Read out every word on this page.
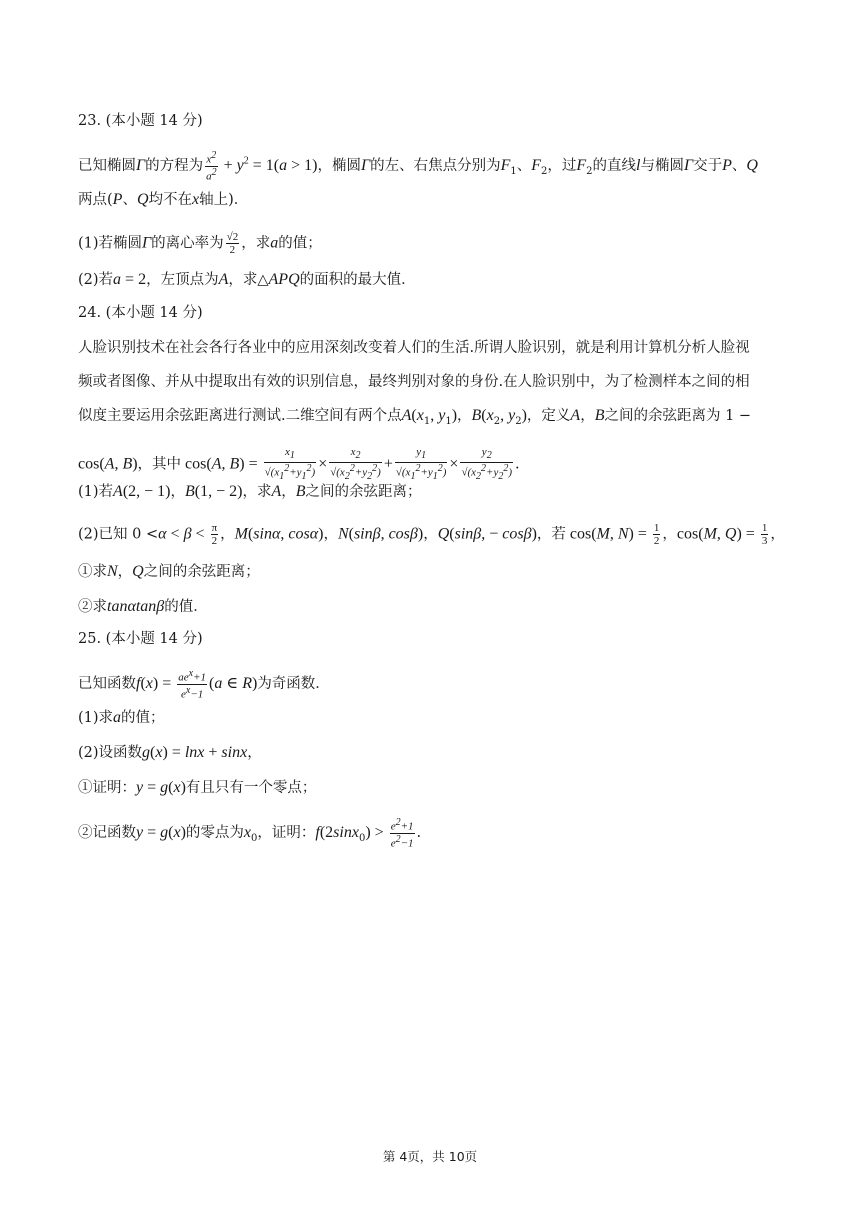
23. (本小题 14 分)
已知椭圆Γ的方程为 $\frac{x^2}{a^2} + y^2 = 1(a > 1)$，椭圆Γ的左、右焦点分别为$F_1$、$F_2$，过$F_2$的直线l与椭圆Γ交于P、Q
两点(P、Q均不在x轴上)．
(1)若椭圆Γ的离心率为 $\frac{√2}{2}$ ，求a的值；
(2)若a = 2，左顶点为A，求△APQ的面积的最大值．
24. (本小题 14 分)
人脸识别技术在社会各行各业中的应用深刻改变着人们的生活.所谓人脸识别，就是利用计算机分析人脸视
频或者图像、并从中提取出有效的识别信息，最终判别对象的身份.在人脸识别中，为了检测样本之间的相
似度主要运用余弦距离进行测试.二维空间有两个点$A(x_1$, $y_1$)，$B(x_2$, $y_2$)，定义A，B之间的余弦距离为 1 −
cos(A, B)，其中 cos(A, $B) = \frac{x_1}{√(x_1^2+y_1^2)} \times \frac{x_2}{√(x_2^2+y_2^2)} + \frac{y_1}{√(x_1^2+y_1^2)} \times \frac{y_2}{√(x_2^2+y_2^2)}$ .
(1)若A(2, − 1)，B(1, − 2)，求A，B之间的余弦距离；
(2)已知 $0 <\alpha < \beta < \frac{\pi}{2}$ ，M(sinα, cosα)，N(sinβ, cosβ)，Q(sinβ, − cosβ)，若 cos(M, $N) = \frac{1}{2}$ ，cos(M, $Q) = \frac{1}{3}$ ，
①求N，Q之间的余弦距离；
②求tanαtanβ的值．
25. (本小题 14 分)
已知函数$f(x) = \frac{ae^x+1}{e^x-1} (a$ ∈ R)为奇函数．
(1)求a的值；
(2)设函数g(x) = lnx + sinx，
①证明：y = g(x)有且只有一个零点；
②记函数y = g(x)的零点为$x_0$，证明：$f(2\sin x_0) > \frac{e^2+1}{e^2-1}$ .
第 4页，共 10页
